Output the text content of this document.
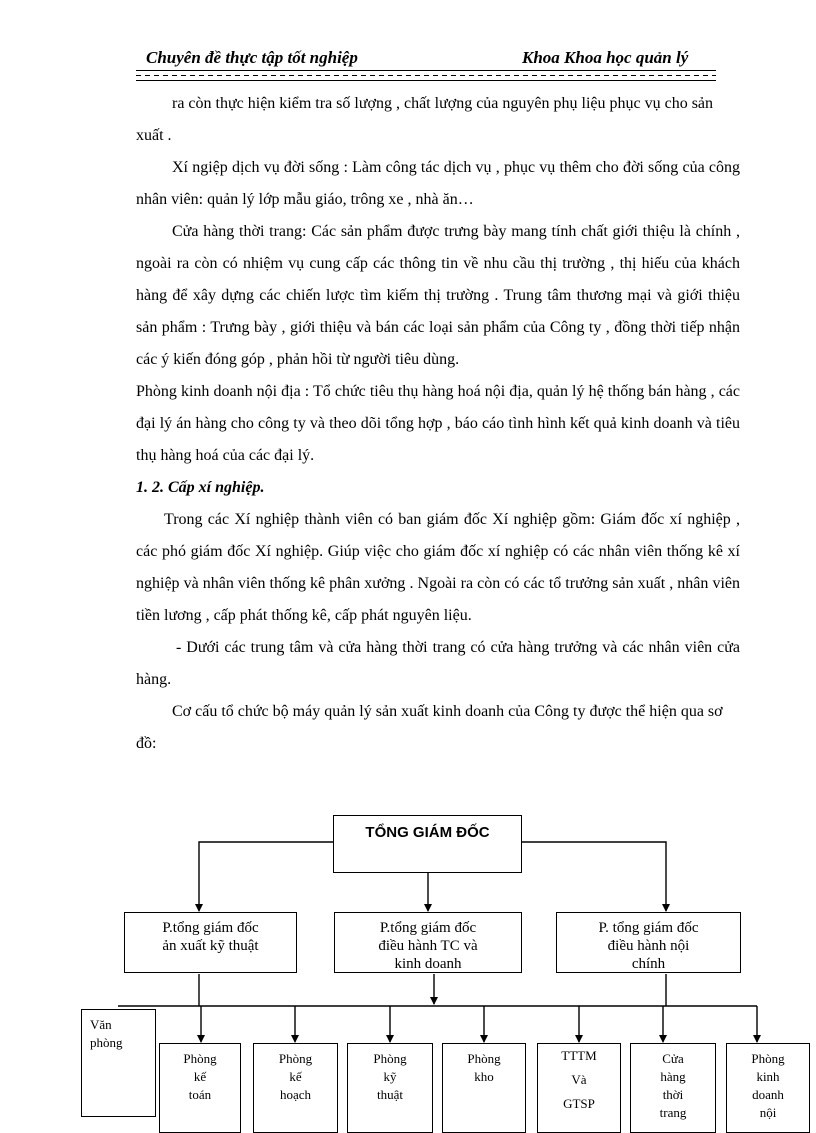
Chuyên đề thực tập tốt nghiệp	Khoa Khoa học quản lý

ra còn thực hiện kiểm tra số lượng , chất lượng của nguyên phụ liệu phục vụ cho sản xuất .

Xí ngiệp dịch vụ đời sống : Làm công tác dịch vụ , phục vụ thêm cho đời sống của công nhân viên: quản lý lớp mẫu giáo, trông xe , nhà ăn…

Cửa hàng thời trang: Các sản phẩm được trưng bày mang tính chất giới thiệu là chính , ngoài ra còn có nhiệm vụ cung cấp các thông tin về nhu cầu thị trường , thị hiếu của khách hàng để xây dựng các chiến lược tìm kiếm thị trường . Trung tâm thương mại và giới thiệu sản phẩm : Trưng bày , giới thiệu và bán các loại sản phẩm của Công ty , đồng thời tiếp nhận các ý kiến đóng góp , phản hồi từ người tiêu dùng.

Phòng kinh doanh nội địa : Tổ chức tiêu thụ hàng hoá nội địa, quản lý hệ thống bán hàng , các đại lý án hàng cho công ty và theo dõi tổng hợp , báo cáo tình hình kết quả kinh doanh và tiêu thụ hàng hoá của các đại lý.

1. 2. Cấp xí nghiệp.

Trong các Xí nghiệp thành viên có ban giám đốc Xí nghiệp gồm: Giám đốc xí nghiệp , các phó giám đốc Xí nghiệp. Giúp việc cho giám đốc xí nghiệp có các nhân viên thống kê xí nghiệp và nhân viên thống kê phân xưởng . Ngoài ra còn có các tổ trưởng sản xuất , nhân viên tiền lương , cấp phát thống kê, cấp phát nguyên liệu.

- Dưới các trung tâm và cửa hàng thời trang có cửa hàng trưởng và các nhân viên cửa hàng.

Cơ cấu tổ chức bộ máy quản lý sản xuất kinh doanh của Công ty được thể hiện qua sơ đồ:

TỔNG GIÁM ĐỐC
P.tổng giám đốc
ản xuất kỹ thuật
P.tổng giám đốc
điều hành TC và
kinh doanh
P. tổng giám đốc
điều hành nội
chính
Văn
phòng
Phòng
kế
toán
Phòng
kế
hoạch
Phòng
kỹ
thuật
Phòng
kho
TTTM
Và
GTSP
Cửa
hàng
thời
trang
Phòng
kinh
doanh
nội
